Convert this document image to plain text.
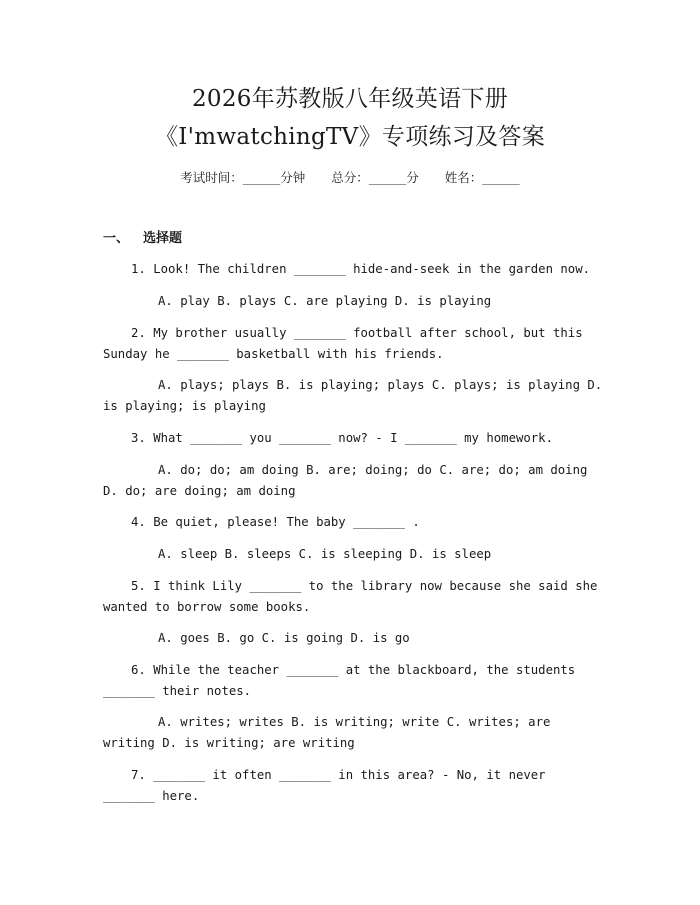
2026年苏教版八年级英语下册
《I'mwatchingTV》专项练习及答案
考试时间：______分钟 总分：______分 姓名：______
一、 选择题
1. Look! The children _______ hide-and-seek in the garden now.
A. play B. plays C. are playing D. is playing
2. My brother usually _______ football after school, but this Sunday he _______ basketball with his friends.
A. plays; plays B. is playing; plays C. plays; is playing D. is playing; is playing
3. What _______ you _______ now? - I _______ my homework.
A. do; do; am doing B. are; doing; do C. are; do; am doing D. do; are doing; am doing
4. Be quiet, please! The baby _______ .
A. sleep B. sleeps C. is sleeping D. is sleep
5. I think Lily _______ to the library now because she said she wanted to borrow some books.
A. goes B. go C. is going D. is go
6. While the teacher _______ at the blackboard, the students _______ their notes.
A. writes; writes B. is writing; write C. writes; are writing D. is writing; are writing
7. _______ it often _______ in this area? - No, it never _______ here.
